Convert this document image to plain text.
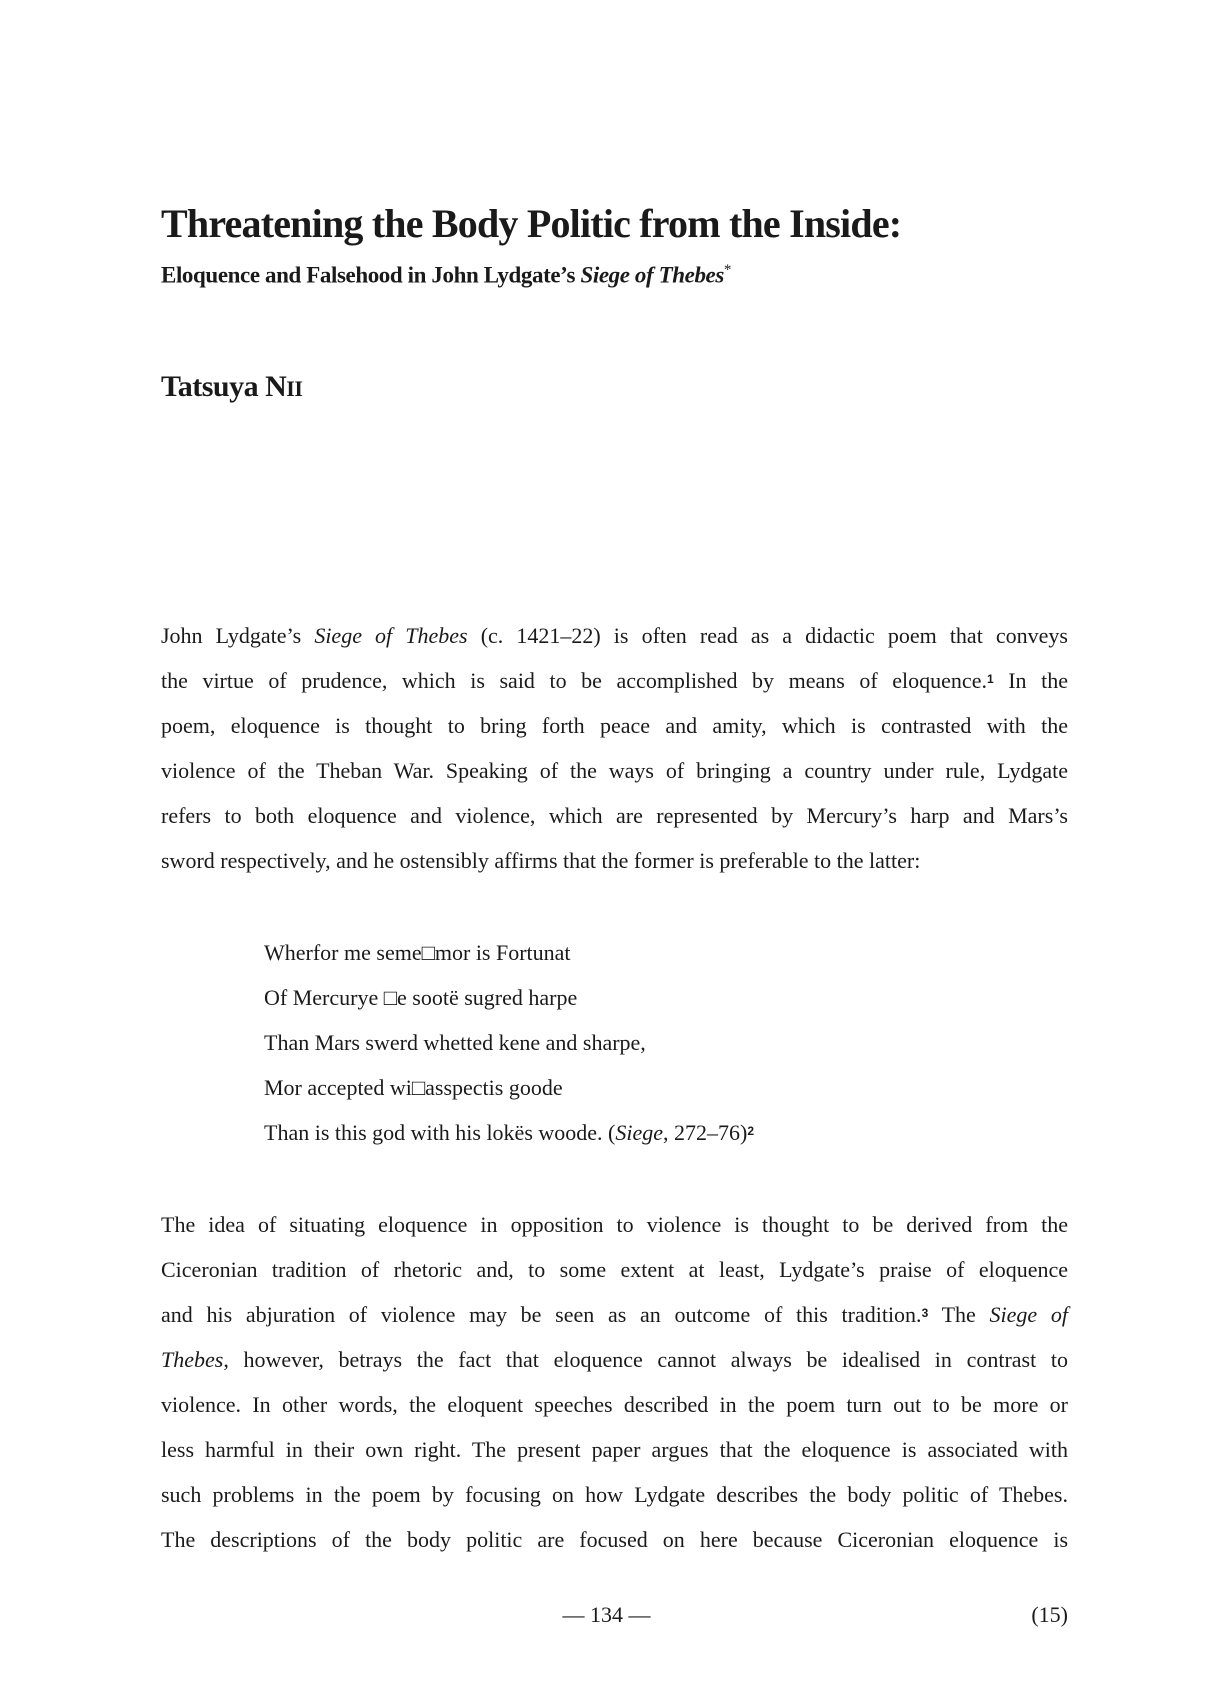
Threatening the Body Politic from the Inside:
Eloquence and Falsehood in John Lydgate’s Siege of Thebes*
Tatsuya NII
John Lydgate’s Siege of Thebes (c. 1421–22) is often read as a didactic poem that conveys
the virtue of prudence, which is said to be accomplished by means of eloquence.$^1$ In the
poem, eloquence is thought to bring forth peace and amity, which is contrasted with the
violence of the Theban War. Speaking of the ways of bringing a country under rule, Lydgate
refers to both eloquence and violence, which are represented by Mercury’s harp and Mars’s
sword respectively, and he ostensibly affirms that the former is preferable to the latter:
Wherfor me seme□mor is Fortunat
Of Mercurye □e sootë sugred harpe
Than Mars swerd whetted kene and sharpe,
Mor accepted wi□asspectis goode
Than is this god with his lokës woode. (Siege, 272–76)$^2$
The idea of situating eloquence in opposition to violence is thought to be derived from the
Ciceronian tradition of rhetoric and, to some extent at least, Lydgate’s praise of eloquence
and his abjuration of violence may be seen as an outcome of this tradition.$^3$ The Siege of
Thebes, however, betrays the fact that eloquence cannot always be idealised in contrast to
violence. In other words, the eloquent speeches described in the poem turn out to be more or
less harmful in their own right. The present paper argues that the eloquence is associated with
such problems in the poem by focusing on how Lydgate describes the body politic of Thebes.
The descriptions of the body politic are focused on here because Ciceronian eloquence is
— 134 —	(15)
